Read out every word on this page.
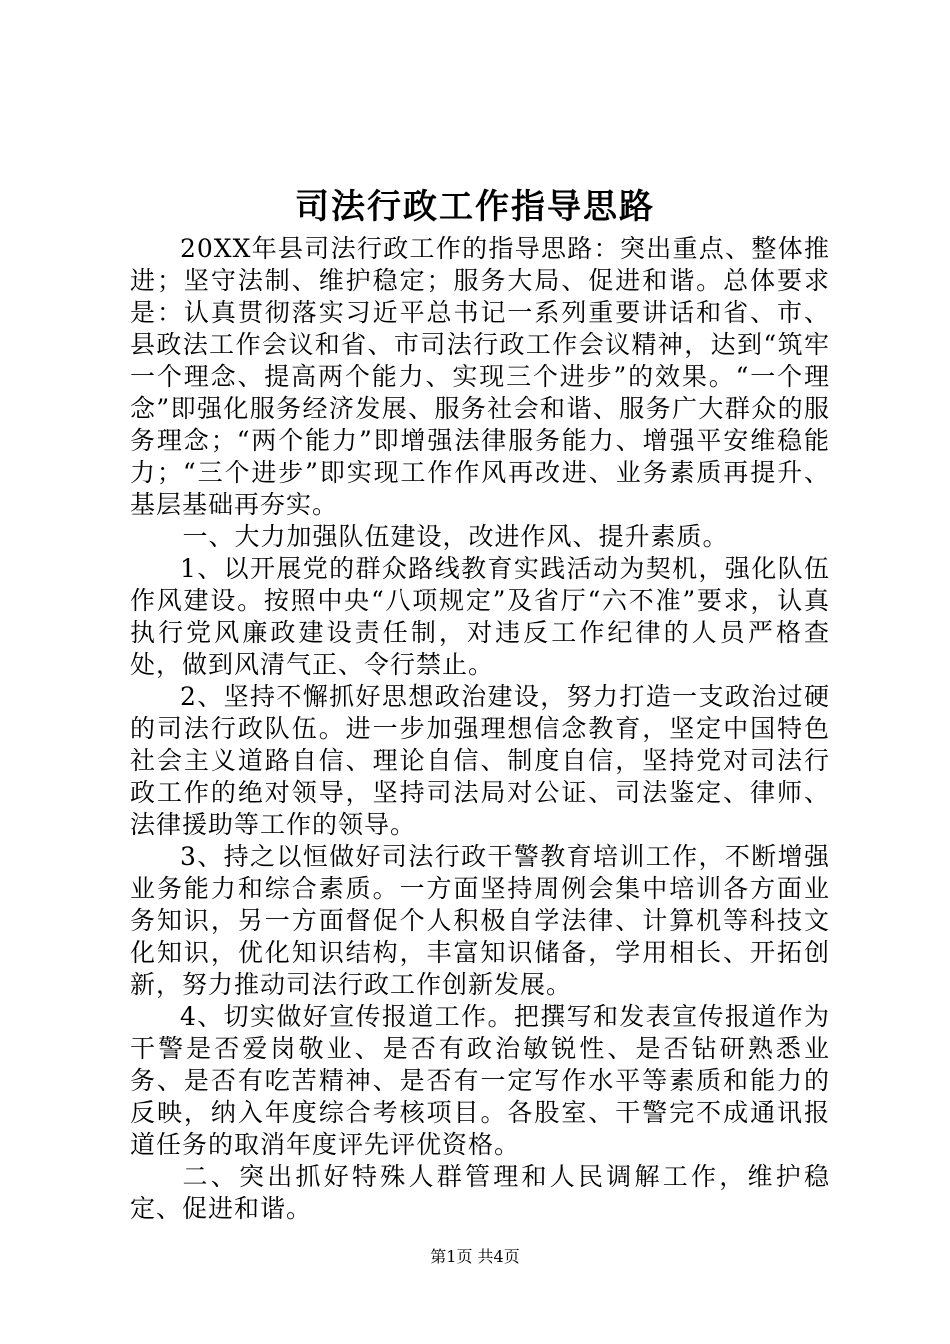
司法行政工作指导思路

20XX年县司法行政工作的指导思路：突出重点、整体推进；坚守法制、维护稳定；服务大局、促进和谐。总体要求是：认真贯彻落实习近平总书记一系列重要讲话和省、市、县政法工作会议和省、市司法行政工作会议精神，达到“筑牢一个理念、提高两个能力、实现三个进步”的效果。“一个理念”即强化服务经济发展、服务社会和谐、服务广大群众的服务理念；“两个能力”即增强法律服务能力、增强平安维稳能力；“三个进步”即实现工作作风再改进、业务素质再提升、基层基础再夯实。

一、大力加强队伍建设，改进作风、提升素质。

1、以开展党的群众路线教育实践活动为契机，强化队伍作风建设。按照中央“八项规定”及省厅“六不准”要求，认真执行党风廉政建设责任制，对违反工作纪律的人员严格查处，做到风清气正、令行禁止。

2、坚持不懈抓好思想政治建设，努力打造一支政治过硬的司法行政队伍。进一步加强理想信念教育，坚定中国特色社会主义道路自信、理论自信、制度自信，坚持党对司法行政工作的绝对领导，坚持司法局对公证、司法鉴定、律师、法律援助等工作的领导。

3、持之以恒做好司法行政干警教育培训工作，不断增强业务能力和综合素质。一方面坚持周例会集中培训各方面业务知识，另一方面督促个人积极自学法律、计算机等科技文化知识，优化知识结构，丰富知识储备，学用相长、开拓创新，努力推动司法行政工作创新发展。

4、切实做好宣传报道工作。把撰写和发表宣传报道作为干警是否爱岗敬业、是否有政治敏锐性、是否钻研熟悉业务、是否有吃苦精神、是否有一定写作水平等素质和能力的反映，纳入年度综合考核项目。各股室、干警完不成通讯报道任务的取消年度评先评优资格。

二、突出抓好特殊人群管理和人民调解工作，维护稳定、促进和谐。

第1页 共4页
